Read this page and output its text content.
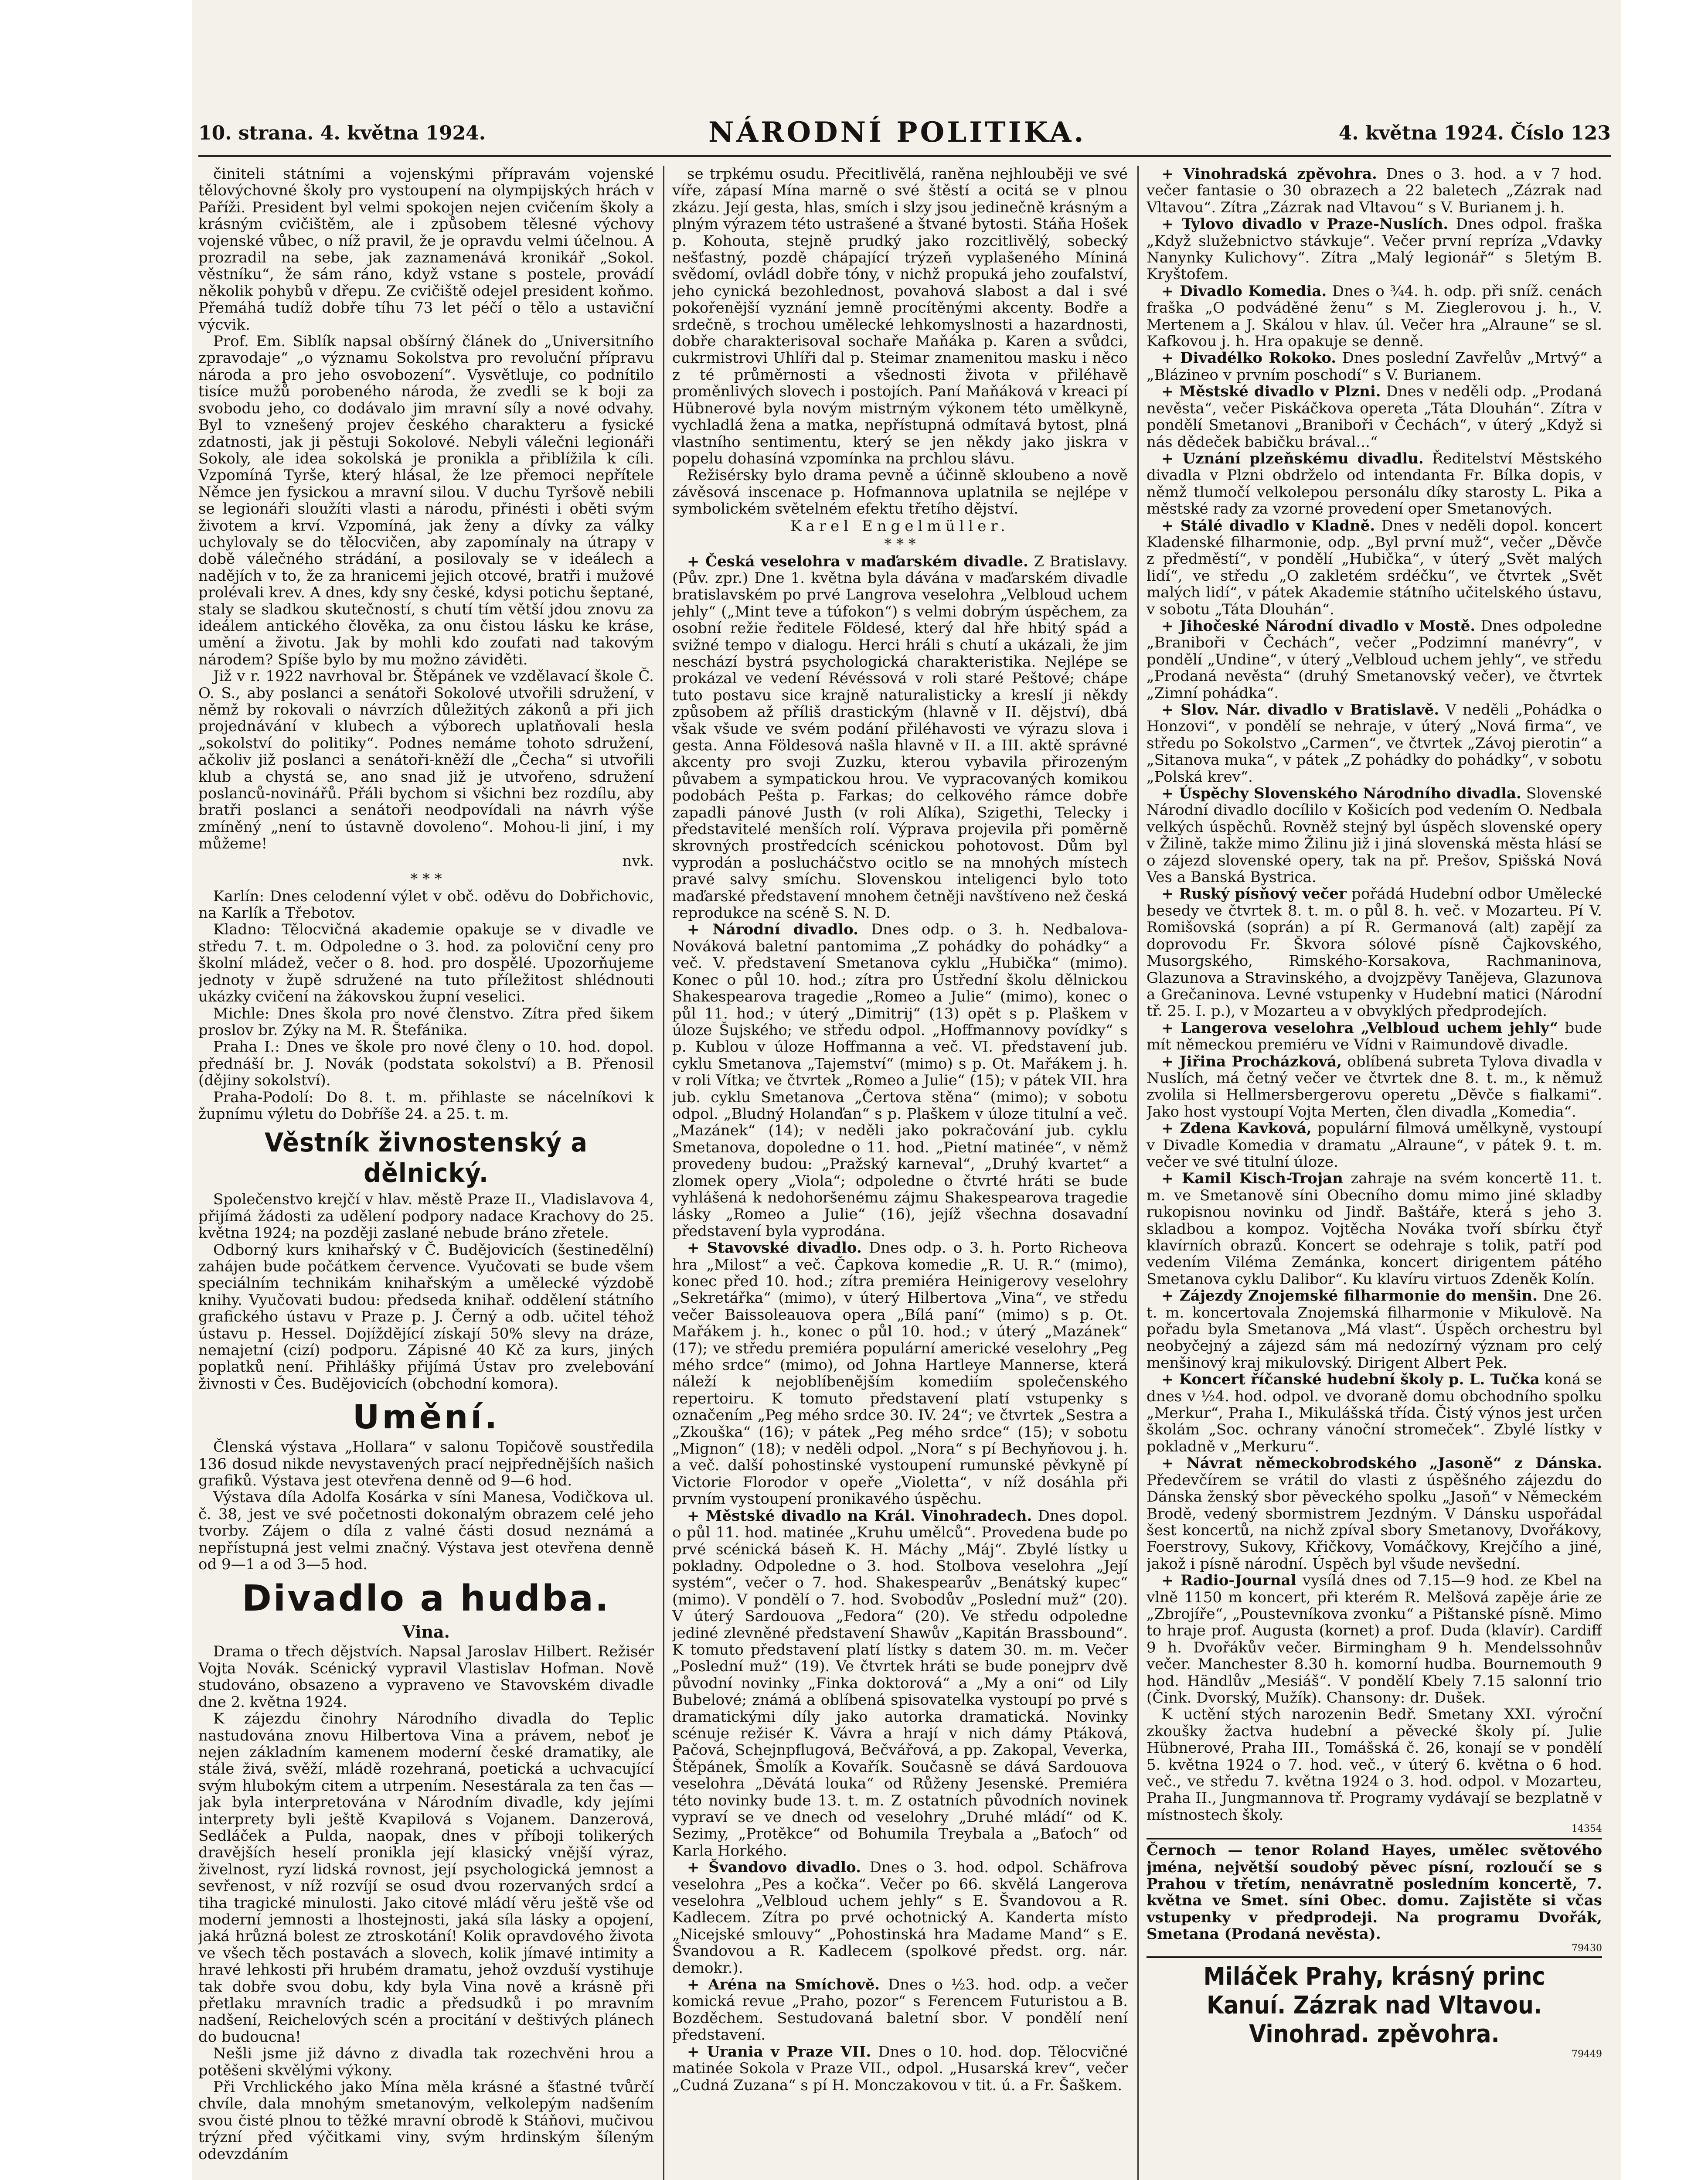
10. strana. 4. května 1924.	NÁRODNÍ POLITIKA.	4. května 1924. Číslo 123

činiteli státními a vojenskými přípravám vojenské tělovýchovné školy pro vystoupení na olympijských hrách v Paříži. President byl velmi spokojen nejen cvičením školy a krásným cvičištěm, ale i způsobem tělesné výchovy vojenské vůbec, o níž pravil, že je opravdu velmi účelnou. A prozradil na sebe, jak zaznamenává kronikář „Sokol. věstníku“, že sám ráno, když vstane s postele, provádí několik pohybů v dřepu. Ze cvičiště odejel president koňmo. Přemáhá tudíž dobře tíhu 73 let péčí o tělo a ustaviční výcvik.

Prof. Em. Siblík napsal obšírný článek do „Universitního zpravodaje“ „o významu Sokolstva pro revoluční přípravu národa a pro jeho osvobození“. Vysvětluje, co podnítilo tisíce mužů porobeného národa, že zvedli se k boji za svobodu jeho, co dodávalo jim mravní síly a nové odvahy. Byl to vznešený projev českého charakteru a fysické zdatnosti, jak ji pěstuji Sokolové. Nebyli válečni legionáři Sokoly, ale idea sokolská je pronikla a přiblížila k cíli. Vzpomíná Tyrše, který hlásal, že lze přemoci nepřítele Němce jen fysickou a mravní silou. V duchu Tyršově nebili se legionáři sloužíti vlasti a národu, přinésti i oběti svým životem a krví. Vzpomíná, jak ženy a dívky za války uchylovaly se do tělocvičen, aby zapomínaly na útrapy v době válečného strádání, a posilovaly se v ideálech a nadějích v to, že za hranicemi jejich otcové, bratři i mužové prolévali krev. A dnes, kdy sny české, kdysi potichu šeptané, staly se sladkou skutečností, s chutí tím větší jdou znovu za ideálem antického člověka, za onu čistou lásku ke kráse, umění a životu. Jak by mohli kdo zoufati nad takovým národem? Spíše bylo by mu možno záviděti.

Již v r. 1922 navrhoval br. Štěpánek ve vzdělavací škole Č. O. S., aby poslanci a senátoři Sokolové utvořili sdružení, v němž by rokovali o návrzích důležitých zákonů a při jich projednávání v klubech a výborech uplatňovali hesla „sokolství do politiky“. Podnes nemáme tohoto sdružení, ačkoliv již poslanci a senátoři-kněží dle „Čecha“ si utvořili klub a chystá se, ano snad již je utvořeno, sdružení poslanců-novinářů. Přáli bychom si všichni bez rozdílu, aby bratři poslanci a senátoři neodpovídali na návrh výše zmíněný „není to ústavně dovoleno“. Mohou-li jiní, i my můžeme!

nvk.

* * *

Karlín: Dnes celodenní výlet v obč. oděvu do Dobřichovic, na Karlík a Třebotov.

Kladno: Tělocvičná akademie opakuje se v divadle ve středu 7. t. m. Odpoledne o 3. hod. za poloviční ceny pro školní mládež, večer o 8. hod. pro dospělé. Upozorňujeme jednoty v župě sdružené na tuto příležitost shlédnouti ukázky cvičení na žákovskou župní veselici.

Michle: Dnes škola pro nové členstvo. Zítra před šikem proslov br. Zýky na M. R. Štefánika.

Praha I.: Dnes ve škole pro nové členy o 10. hod. dopol. přednáší br. J. Novák (podstata sokolství) a B. Přenosil (dějiny sokolství).

Praha-Podolí: Do 8. t. m. přihlaste se nácelníkovi k župnímu výletu do Dobříše 24. a 25. t. m.

Věstník živnostenský a dělnický.

Společenstvo krejčí v hlav. městě Praze II., Vladislavova 4, přijímá žádosti za udělení podpory nadace Krachovy do 25. května 1924; na později zaslané nebude bráno zřetele.

Odborný kurs knihařský v Č. Budějovicích (šestinedělní) zahájen bude počátkem července. Vyučovati se bude všem speciálním technikám knihařským a umělecké výzdobě knihy. Vyučovati budou: předseda knihař. oddělení státního grafického ústavu v Praze p. J. Černý a odb. učitel téhož ústavu p. Hessel. Dojíždějící získají 50% slevy na dráze, nemajetní (cizí) podporu. Zápisné 40 Kč za kurs, jiných poplatků není. Přihlášky přijímá Ústav pro zvelebování živnosti v Čes. Budějovicích (obchodní komora).

Umění.

Členská výstava „Hollara“ v salonu Topičově soustředila 136 dosud nikde nevystavených prací nejpřednějších našich grafiků. Výstava jest otevřena denně od 9—6 hod.

Výstava díla Adolfa Kosárka v síni Manesa, Vodičkova ul. č. 38, jest ve své početnosti dokonalým obrazem celé jeho tvorby. Zájem o díla z valné části dosud neznámá a nepřístupná jest velmi značný. Výstava jest otevřena denně od 9—1 a od 3—5 hod.

Divadlo a hudba.
Vina.

Drama o třech dějstvích. Napsal Jaroslav Hilbert. Režisér Vojta Novák. Scénický vypravil Vlastislav Hofman. Nově studováno, obsazeno a vypraveno ve Stavovském divadle dne 2. května 1924.

K zájezdu činohry Národního divadla do Teplic nastudována znovu Hilbertova Vina a právem, neboť je nejen základním kamenem moderní české dramatiky, ale stále živá, svěží, mládě rozehraná, poetická a uchvacující svým hlubokým citem a utrpením. Nesestárala za ten čas — jak byla interpretována v Národním divadle, kdy jejími interprety byli ještě Kvapilová s Vojanem. Danzerová, Sedláček a Pulda, naopak, dnes v příboji tolikerých dravějších heselí pronikla její klasický vnější výraz, živelnost, ryzí lidská rovnost, její psychologická jemnost a sevřenost, v níž rozvíjí se osud dvou rozervaných srdcí a tiha tragické minulosti. Jako citové mládí věru ještě vše od moderní jemnosti a lhostejnosti, jaká síla lásky a opojení, jaká hrůzná bolest ze ztroskotání! Kolik opravdového života ve všech těch postavách a slovech, kolik jímavé intimity a hravé lehkosti při hrubém dramatu, jehož ovzduší vystihuje tak dobře svou dobu, kdy byla Vina nově a krásně při přetlaku mravních tradic a předsudků i po mravním nadšení, Reichelových scén a procitání v deštivých plánech do budoucna!

Nešli jsme již dávno z divadla tak rozechvěni hrou a potěšeni skvělými výkony.

Při Vrchlického jako Mína měla krásné a šťastné tvůrčí chvíle, dala mnohým smetanovým, velkolepým nadšením svou čisté plnou to těžké mravní obrodě k Stáňovi, mučivou trýzní před výčitkami viny, svým hrdinským šíleným odevzdáním

se trpkému osudu. Přecitlivělá, raněna nejhlouběji ve své víře, zápasí Mína marně o své štěstí a ocitá se v plnou zkázu. Její gesta, hlas, smích i slzy jsou jedinečně krásným a plným výrazem této ustrašené a štvané bytosti. Stáňa Hošek p. Kohouta, stejně prudký jako rozcitlivělý, sobecký nešťastný, pozdě chápající trýzeň vyplašeného Míniná svědomí, ovládl dobře tóny, v nichž propuká jeho zoufalství, jeho cynická bezohlednost, povahová slabost a dal i své pokořenější vyznání jemně procítěnými akcenty. Bodře a srdečně, s trochou umělecké lehkomyslnosti a hazardnosti, dobře charakterisoval sochaře Maňáka p. Karen a svůdci, cukrmistrovi Uhlíři dal p. Steimar znamenitou masku i něco z té průměrnosti a všednosti života v přiléhavě proměnlivých slovech i postojích. Paní Maňáková v kreaci pí Hübnerové byla novým mistrným výkonem této umělkyně, vychladlá žena a matka, nepřístupná odmítavá bytost, plná vlastního sentimentu, který se jen někdy jako jiskra v popelu dohasíná vzpomínka na prchlou slávu.

Režisérsky bylo drama pevně a účinně skloubeno a nově závěsová inscenace p. Hofmannova uplatnila se nejlépe v symbolickém světelném efektu třetího dějství.

Karel Engelmüller.

* * *

+ Česká veselohra v maďarském divadle. Z Bratislavy. (Pův. zpr.) Dne 1. května byla dávána v maďarském divadle bratislavském po prvé Langrova veselohra „Velbloud uchem jehly“ („Mint teve a túfokon“) s velmi dobrým úspěchem, za osobní režie ředitele Földesé, který dal hře hbitý spád a svižné tempo v dialogu. Herci hráli s chutí a ukázali, že jim neschází bystrá psychologická charakteristika. Nejlépe se prokázal ve vedení Révéssová v roli staré Peštové; chápe tuto postavu sice krajně naturalisticky a kreslí ji někdy způsobem až příliš drastickým (hlavně v II. dějství), dbá však všude ve svém podání přiléhavosti ve výrazu slova i gesta. Anna Földesová našla hlavně v II. a III. aktě správné akcenty pro svoji Zuzku, kterou vybavila přirozeným půvabem a sympatickou hrou. Ve vypracovaných komikou podobách Pešta p. Farkas; do celkového rámce dobře zapadli pánové Justh (v roli Alíka), Szigethi, Telecky i představitelé menších rolí. Výprava projevila při poměrně skrovných prostředcích scénickou pohotovost. Dům byl vyprodán a poslucháčstvo ocitlo se na mnohých místech pravé salvy smíchu. Slovenskou inteligenci bylo toto maďarské představení mnohem četněji navštíveno než česká reprodukce na scéně S. N. D.

+ Národní divadlo. Dnes odp. o 3. h. Nedbalova-Nováková baletní pantomima „Z pohádky do pohádky“ a več. V. představení Smetanova cyklu „Hubička“ (mimo). Konec o půl 10. hod.; zítra pro Ústřední školu dělnickou Shakespearova tragedie „Romeo a Julie“ (mimo), konec o půl 11. hod.; v úterý „Dimitrij“ (13) opět s p. Plaškem v úloze Šujského; ve středu odpol. „Hoffmannovy povídky“ s p. Kublou v úloze Hoffmanna a več. VI. představení jub. cyklu Smetanova „Tajemství“ (mimo) s p. Ot. Mařákem j. h. v roli Vítka; ve čtvrtek „Romeo a Julie“ (15); v pátek VII. hra jub. cyklu Smetanova „Čertova stěna“ (mimo); v sobotu odpol. „Bludný Holanďan“ s p. Plaškem v úloze titulní a več. „Mazánek“ (14); v neděli jako pokračování jub. cyklu Smetanova, dopoledne o 11. hod. „Pietní matinée“, v němž provedeny budou: „Pražský karneval“, „Druhý kvartet“ a zlomek opery „Viola“; odpoledne o čtvrté hráti se bude vyhlášená k nedohoršenému zájmu Shakespearova tragedie lásky „Romeo a Julie“ (16), jejíž všechna dosavadní představení byla vyprodána.

+ Stavovské divadlo. Dnes odp. o 3. h. Porto Richeova hra „Milost“ a več. Čapkova komedie „R. U. R.“ (mimo), konec před 10. hod.; zítra premiéra Heinigerovy veselohry „Sekretářka“ (mimo), v úterý Hilbertova „Vina“, ve středu večer Baissoleauova opera „Bílá paní“ (mimo) s p. Ot. Mařákem j. h., konec o půl 10. hod.; v úterý „Mazánek“ (17); ve středu premiéra populární americké veselohry „Peg mého srdce“ (mimo), od Johna Hartleye Mannerse, která náleží k nejoblíbenějším komediím společenského repertoiru. K tomuto představení platí vstupenky s označením „Peg mého srdce 30. IV. 24“; ve čtvrtek „Sestra a „Zkouška“ (16); v pátek „Peg mého srdce“ (15); v sobotu „Mignon“ (18); v neděli odpol. „Nora“ s pí Bechyňovou j. h. a več. další pohostinské vystoupení rumunské pěvkyně pí Victorie Florodor v opeře „Violetta“, v níž dosáhla při prvním vystoupení pronikavého úspěchu.

+ Městské divadlo na Král. Vinohradech. Dnes dopol. o půl 11. hod. matinée „Kruhu umělců“. Provedena bude po prvé scénická báseň K. H. Máchy „Máj“. Zbylé lístky u pokladny. Odpoledne o 3. hod. Stolbova veselohra „Její systém“, večer o 7. hod. Shakespearův „Benátský kupec“ (mimo). V pondělí o 7. hod. Svobodův „Poslední muž“ (20). V úterý Sardouova „Fedora“ (20). Ve středu odpoledne jediné zlevněné představení Shawův „Kapitán Brassbound“. K tomuto představení platí lístky s datem 30. m. m. Večer „Poslední muž“ (19). Ve čtvrtek hráti se bude ponejprv dvě původní novinky „Finka doktorová“ a „My a oni“ od Lily Bubelové; známá a oblíbená spisovatelka vystoupí po prvé s dramatickými díly jako autorka dramatická. Novinky scénuje režisér K. Vávra a hrají v nich dámy Ptáková, Pačová, Schejnpflugová, Bečvářová, a pp. Zakopal, Veverka, Štěpánek, Šmolík a Kovařík. Současně se dává Sardouova veselohra „Děvátá louka“ od Růženy Jesenské. Premiéra této novinky bude 13. t. m. Z ostatních původních novinek vypraví se ve dnech od veselohry „Druhé mládí“ od K. Sezimy, „Protěkce“ od Bohumila Treybala a „Baťoch“ od Karla Horkého.

+ Švandovo divadlo. Dnes o 3. hod. odpol. Schäfrova veselohra „Pes a kočka“. Večer po 66. skvělá Langerova veselohra „Velbloud uchem jehly“ s E. Švandovou a R. Kadlecem. Zítra po prvé ochotnický A. Kanderta místo „Nicejské smlouvy“ „Pohostinská hra Madame Mand“ s E. Švandovou a R. Kadlecem (spolkové předst. org. nár. demokr.).

+ Aréna na Smíchově. Dnes o ½3. hod. odp. a večer komická revue „Praho, pozor“ s Ferencem Futuristou a B. Bozděchem. Sestudovaná baletní sbor. V pondělí není představení.

+ Urania v Praze VII. Dnes o 10. hod. dop. Tělocvičné matinée Sokola v Praze VII., odpol. „Husarská krev“, večer „Cudná Zuzana“ s pí H. Monczakovou v tit. ú. a Fr. Šaškem.

+ Vinohradská zpěvohra. Dnes o 3. hod. a v 7 hod. večer fantasie o 30 obrazech a 22 baletech „Zázrak nad Vltavou“. Zítra „Zázrak nad Vltavou“ s V. Burianem j. h.

+ Tylovo divadlo v Praze-Nuslích. Dnes odpol. fraška „Když služebnictvo stávkuje“. Večer první repríza „Vdavky Nanynky Kulichovy“. Zítra „Malý legionář“ s 5letým B. Kryštofem.

+ Divadlo Komedia. Dnes o ¾4. h. odp. při sníž. cenách fraška „O podváděné ženu“ s M. Zieglerovou j. h., V. Mertenem a J. Skálou v hlav. úl. Večer hra „Alraune“ se sl. Kafkovou j. h. Hra opakuje se denně.

+ Divadélko Rokoko. Dnes poslední Zavřelův „Mrtvý“ a „Blázineo v prvním poschodí“ s V. Burianem.

+ Městské divadlo v Plzni. Dnes v neděli odp. „Prodaná nevěsta“, večer Piskáčkova opereta „Táta Dlouhán“. Zítra v pondělí Smetanovi „Braniboři v Čechách“, v úterý „Když si nás dědeček babičku brával...“

+ Uznání plzeňskému divadlu. Ředitelství Městského divadla v Plzni obdrželo od intendanta Fr. Bílka dopis, v němž tlumočí velkolepou personálu díky starosty L. Pika a městské rady za vzorné provedení oper Smetanových.

+ Stálé divadlo v Kladně. Dnes v neděli dopol. koncert Kladenské filharmonie, odp. „Byl první muž“, večer „Děvče z předměstí“, v pondělí „Hubička“, v úterý „Svět malých lidí“, ve středu „O zakletém srdéčku“, ve čtvrtek „Svět malých lidí“, v pátek Akademie státního učitelského ústavu, v sobotu „Táta Dlouhán“.

+ Jihočeské Národní divadlo v Mostě. Dnes odpoledne „Braniboři v Čechách“, večer „Podzimní manévry“, v pondělí „Undine“, v úterý „Velbloud uchem jehly“, ve středu „Prodaná nevěsta“ (druhý Smetanovský večer), ve čtvrtek „Zimní pohádka“.

+ Slov. Nár. divadlo v Bratislavě. V neděli „Pohádka o Honzovi“, v pondělí se nehraje, v úterý „Nová firma“, ve středu po Sokolstvo „Carmen“, ve čtvrtek „Závoj pierotin“ a „Sitanova muka“, v pátek „Z pohádky do pohádky“, v sobotu „Polská krev“.

+ Úspěchy Slovenského Národního divadla. Slovenské Národní divadlo docílilo v Košicích pod vedením O. Nedbala velkých úspěchů. Rovněž stejný byl úspěch slovenské opery v Žilině, takže mimo Žilinu již i jiná slovenská města hlásí se o zájezd slovenské opery, tak na př. Prešov, Spišská Nová Ves a Banská Bystrica.

+ Ruský písňový večer pořádá Hudební odbor Umělecké besedy ve čtvrtek 8. t. m. o půl 8. h. več. v Mozarteu. Pí V. Romišovská (soprán) a pí R. Germanová (alt) zapějí za doprovodu Fr. Škvora sólové písně Čajkovského, Musorgského, Rimského-Korsakova, Rachmaninova, Glazunova a Stravinského, a dvojzpěvy Tanějeva, Glazunova a Grečaninova. Levné vstupenky v Hudební matici (Národní tř. 25. I. p.), v Mozarteu a v obvyklých předprodejích.

+ Langerova veselohra „Velbloud uchem jehly“ bude mít německou premiéru ve Vídni v Raimundově divadle.

+ Jiřina Procházková, oblíbená subreta Tylova divadla v Nuslích, má četný večer ve čtvrtek dne 8. t. m., k němuž zvolila si Hellmersbergerovu operetu „Děvče s fialkami“. Jako host vystoupí Vojta Merten, člen divadla „Komedia“.

+ Zdena Kavková, populární filmová umělkyně, vystoupí v Divadle Komedia v dramatu „Alraune“, v pátek 9. t. m. večer ve své titulní úloze.

+ Kamil Kisch-Trojan zahraje na svém koncertě 11. t. m. ve Smetanově síni Obecního domu mimo jiné skladby rukopisnou novinku od Jindř. Baštáře, která s jeho 3. skladbou a kompoz. Vojtěcha Nováka tvoří sbírku čtyř klavírních obrazů. Koncert se odehraje s tolik, patří pod vedením Viléma Zemánka, koncert dirigentem pátého Smetanova cyklu Dalibor“. Ku klavíru virtuos Zdeněk Kolín.

+ Zájezdy Znojemské filharmonie do menšin. Dne 26. t. m. koncertovala Znojemská filharmonie v Mikulově. Na pořadu byla Smetanova „Má vlast“. Úspěch orchestru byl neobyčejný a zájezd sám má nedozírný význam pro celý menšinový kraj mikulovský. Dirigent Albert Pek.

+ Koncert říčanské hudební školy p. L. Tučka koná se dnes v ½4. hod. odpol. ve dvoraně domu obchodního spolku „Merkur“, Praha I., Mikulášská třída. Čistý výnos jest určen školám „Soc. ochrany vánoční stromeček“. Zbylé lístky v pokladně v „Merkuru“.

+ Návrat německobrodského „Jasoně“ z Dánska. Předevčírem se vrátil do vlasti z úspěšného zájezdu do Dánska ženský sbor pěveckého spolku „Jasoň“ v Německém Brodě, vedený sbormistrem Jezdným. V Dánsku uspořádal šest koncertů, na nichž zpíval sbory Smetanovy, Dvořákovy, Foerstrovy, Sukovy, Křičkovy, Vomáčkovy, Krejčího a jiné, jakož i písně národní. Úspěch byl všude nevšední.

+ Radio-Journal vysílá dnes od 7.15—9 hod. ze Kbel na vlně 1150 m koncert, při kterém R. Melšová zapěje árie ze „Zbrojíře“, „Poustevníkova zvonku“ a Pištanské písně. Mimo to hraje prof. Augusta (kornet) a prof. Duda (klavír). Cardiff 9 h. Dvořákův večer. Birmingham 9 h. Mendelssohnův večer. Manchester 8.30 h. komorní hudba. Bournemouth 9 hod. Händlův „Mesiáš“. V pondělí Kbely 7.15 salonní trio (Čink. Dvorský, Mužík). Chansony: dr. Dušek.

K uctění stých narozenin Bedř. Smetany XXI. výroční zkoušky žactva hudební a pěvecké školy pí. Julie Hübnerové, Praha III., Tomášská č. 26, konají se v pondělí 5. května 1924 o 7. hod. več., v úterý 6. května o 6 hod. več., ve středu 7. května 1924 o 3. hod. odpol. v Mozarteu, Praha II., Jungmannova tř. Programy vydávají se bezplatně v místnostech školy.

14354

Černoch — tenor Roland Hayes, umělec světového jména, největší soudobý pěvec písní, rozloučí se s Prahou v třetím, nenávratně posledním koncertě, 7. května ve Smet. síni Obec. domu. Zajistěte si včas vstupenky v předprodeji. Na programu Dvořák, Smetana (Prodaná nevěsta).

79430

Miláček Prahy, krásný princ Kanuí. Zázrak nad Vltavou. Vinohrad. zpěvohra.

79449
